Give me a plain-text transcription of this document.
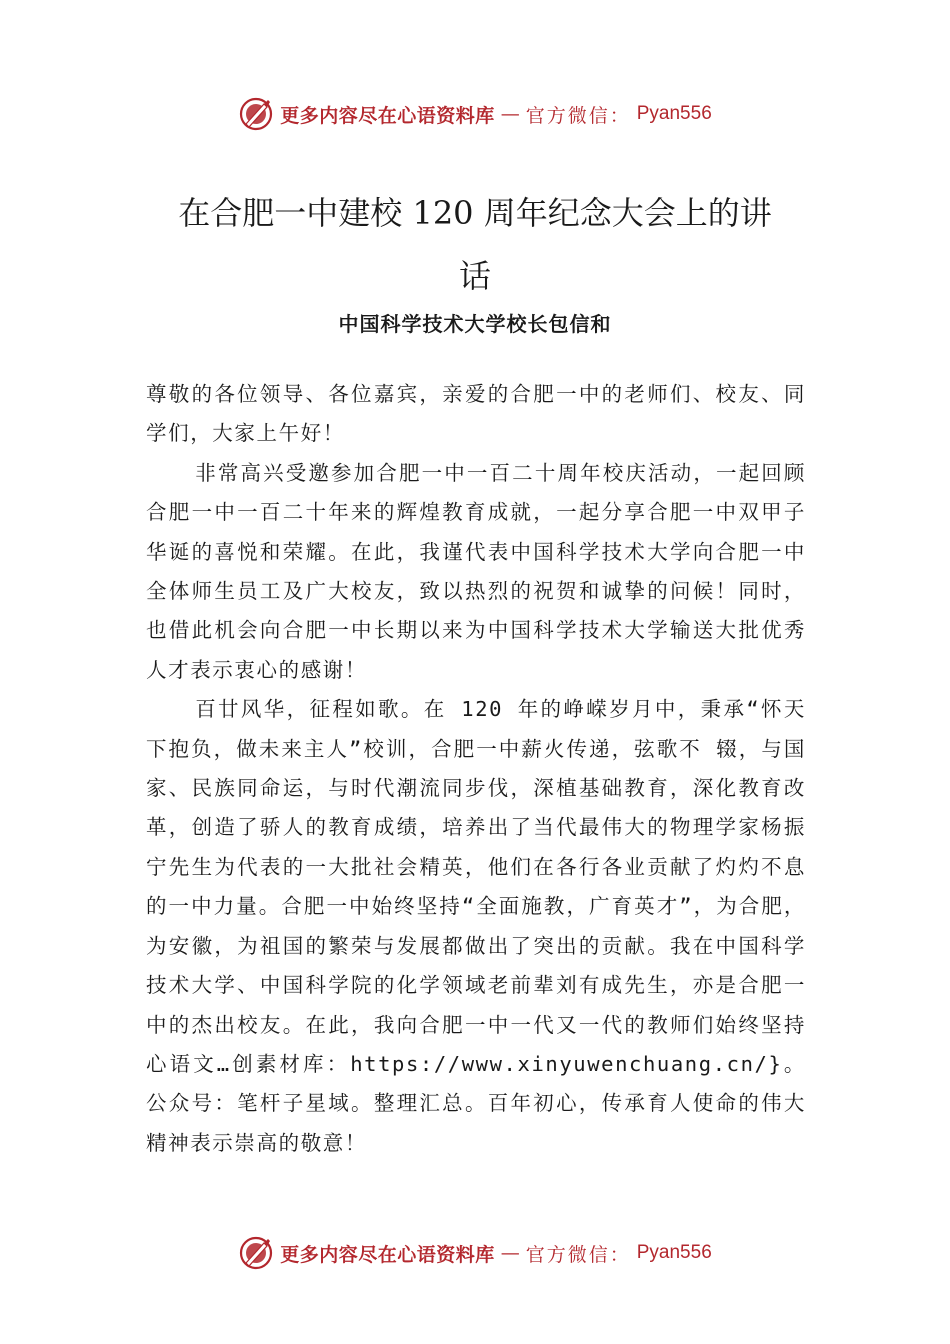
更多内容尽在心语资料库 — 官方微信： Pyan556
在合肥一中建校 120 周年纪念大会上的讲
话
中国科学技术大学校长包信和

尊敬的各位领导、各位嘉宾，亲爱的合肥一中的老师们、校友、同学们，大家上午好！

非常高兴受邀参加合肥一中一百二十周年校庆活动，一起回顾合肥一中一百二十年来的辉煌教育成就，一起分享合肥一中双甲子华诞的喜悦和荣耀。在此，我谨代表中国科学技术大学向合肥一中全体师生员工及广大校友，致以热烈的祝贺和诚挚的问候！同时，也借此机会向合肥一中长期以来为中国科学技术大学输送大批优秀人才表示衷心的感谢！

百廿风华，征程如歌。在 120 年的峥嵘岁月中，秉承“怀天下抱负，做未来主人”校训，合肥一中薪火传递，弦歌不 辍，与国家、民族同命运，与时代潮流同步伐，深植基础教育，深化教育改革，创造了骄人的教育成绩，培养出了当代最伟大的物理学家杨振宁先生为代表的一大批社会精英，他们在各行各业贡献了灼灼不息的一中力量。合肥一中始终坚持“全面施教，广育英才”，为合肥，为安徽，为祖国的繁荣与发展都做出了突出的贡献。我在中国科学技术大学、中国科学院的化学领域老前辈刘有成先生，亦是合肥一中的杰出校友。在此，我向合肥一中一代又一代的教师们始终坚持心语文…创素材库：https://www.xinyuwenchuang.cn/}。公众号：笔杆子星域。整理汇总。百年初心，传承育人使命的伟大精神表示崇高的敬意！

更多内容尽在心语资料库 — 官方微信： Pyan556
